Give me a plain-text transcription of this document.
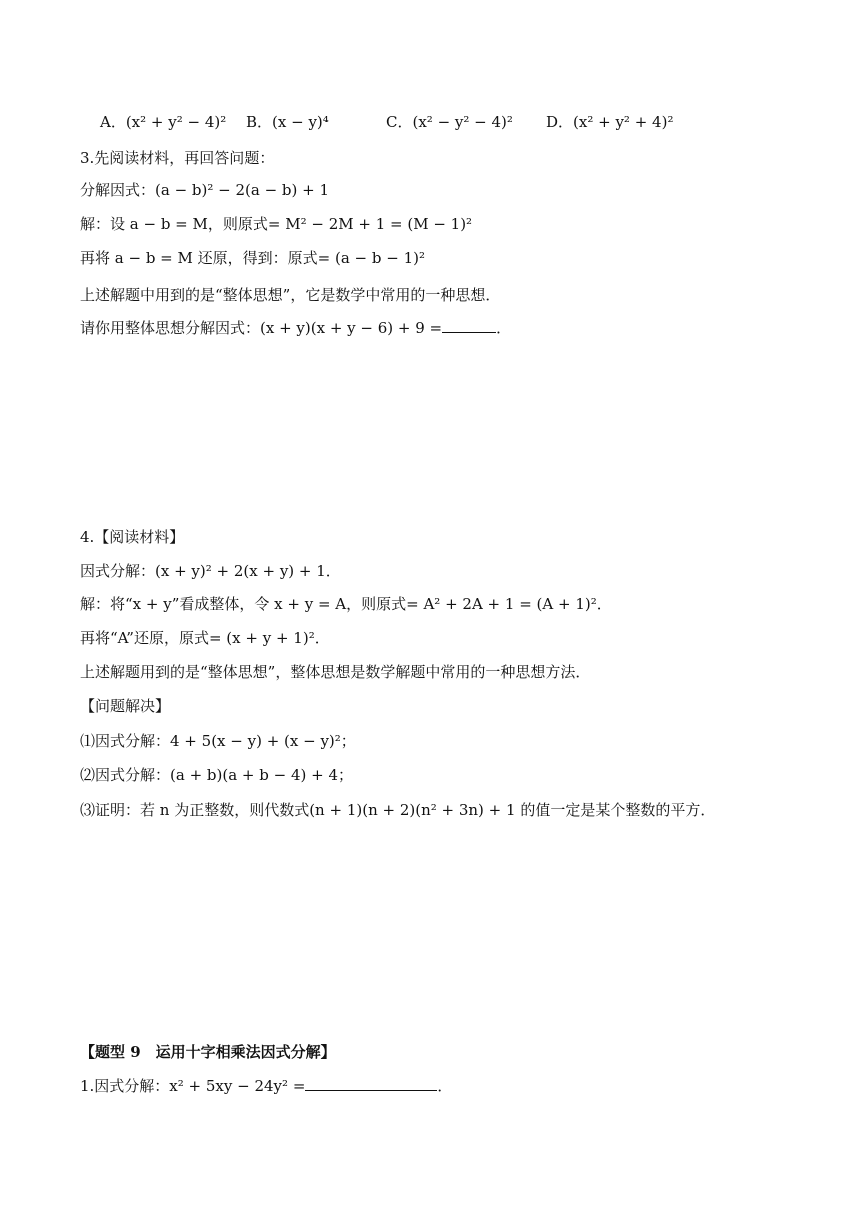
A．(x² + y² − 4)² B．(x − y)⁴	C．(x² − y² − 4)² D．(x² + y² + 4)²
3.先阅读材料，再回答问题：
分解因式：(a − b)² − 2(a − b) + 1
解：设 a − b = M，则原式= M² − 2M + 1 = (M − 1)²
再将 a − b = M 还原，得到：原式= (a − b − 1)²
上述解题中用到的是“整体思想”，它是数学中常用的一种思想．
请你用整体思想分解因式：(x + y)(x + y − 6) + 9 =	．
4.【阅读材料】
因式分解：(x + y)² + 2(x + y) + 1．
解：将“x + y”看成整体，令 x + y = A，则原式= A² + 2A + 1 = (A + 1)²．
再将“A”还原，原式= (x + y + 1)²．
上述解题用到的是“整体思想”，整体思想是数学解题中常用的一种思想方法．
【问题解决】
⑴因式分解：4 + 5(x − y) + (x − y)²；
⑵因式分解：(a + b)(a + b − 4) + 4；
⑶证明：若 n 为正整数，则代数式(n + 1)(n + 2)(n² + 3n) + 1 的值一定是某个整数的平方．
【题型 9　运用十字相乘法因式分解】
1.因式分解：x² + 5xy − 24y² =	．
